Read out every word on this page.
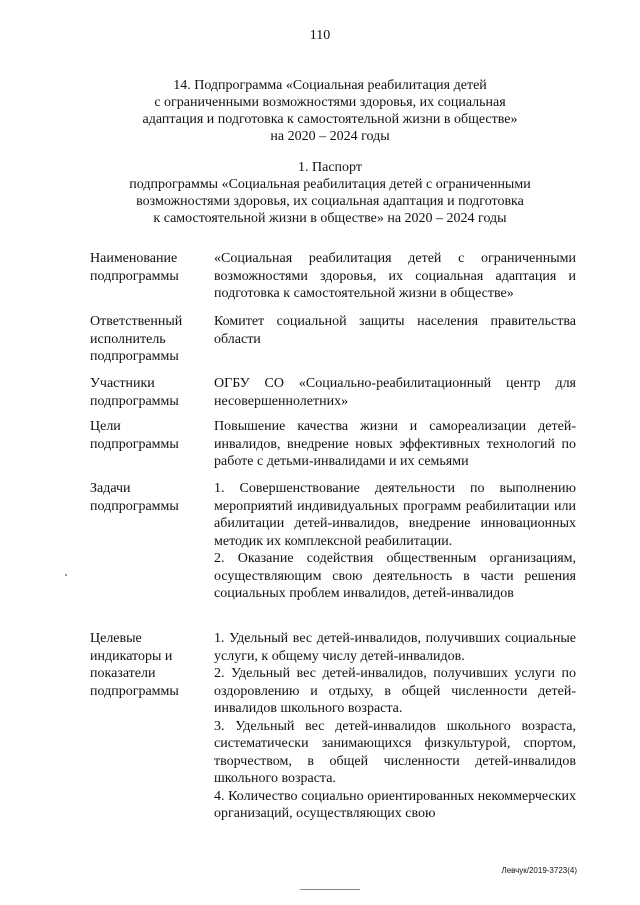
110
14. Подпрограмма «Социальная реабилитация детей
с ограниченными возможностями здоровья, их социальная
адаптация и подготовка к самостоятельной жизни в обществе»
на 2020 – 2024 годы
1. Паспорт
подпрограммы «Социальная реабилитация детей с ограниченными
возможностями здоровья, их социальная адаптация и подготовка
к самостоятельной жизни в обществе» на 2020 – 2024 годы
Наименование
подпрограммы

«Социальная реабилитация детей с ограниченными возможностями здоровья, их социальная адаптация и подготовка к самостоятельной жизни в обществе»

Ответственный
исполнитель
подпрограммы

Комитет социальной защиты населения правительства области

Участники
подпрограммы

ОГБУ СО «Социально-реабилитационный центр для несовершеннолетних»

Цели
подпрограммы

Повышение качества жизни и самореализации детей-инвалидов, внедрение новых эффективных технологий по работе с детьми-инвалидами и их семьями

Задачи
подпрограммы

1. Совершенствование деятельности по выполнению мероприятий индивидуальных программ реабилитации или абилитации детей-инвалидов, внедрение инновационных методик их комплексной реабилитации.

2. Оказание содействия общественным организациям, осуществляющим свою деятельность в части решения социальных проблем инвалидов, детей-инвалидов

Целевые
индикаторы и
показатели
подпрограммы

1. Удельный вес детей-инвалидов, получивших социальные услуги, к общему числу детей-инвалидов.

2. Удельный вес детей-инвалидов, получивших услуги по оздоровлению и отдыху, в общей численности детей-инвалидов школьного возраста.

3. Удельный вес детей-инвалидов школьного возраста, систематически занимающихся физкультурой, спортом, творчеством, в общей численности детей-инвалидов школьного возраста.

4. Количество социально ориентированных некоммерческих организаций, осуществляющих свою

Левчук/2019-3723(4)
